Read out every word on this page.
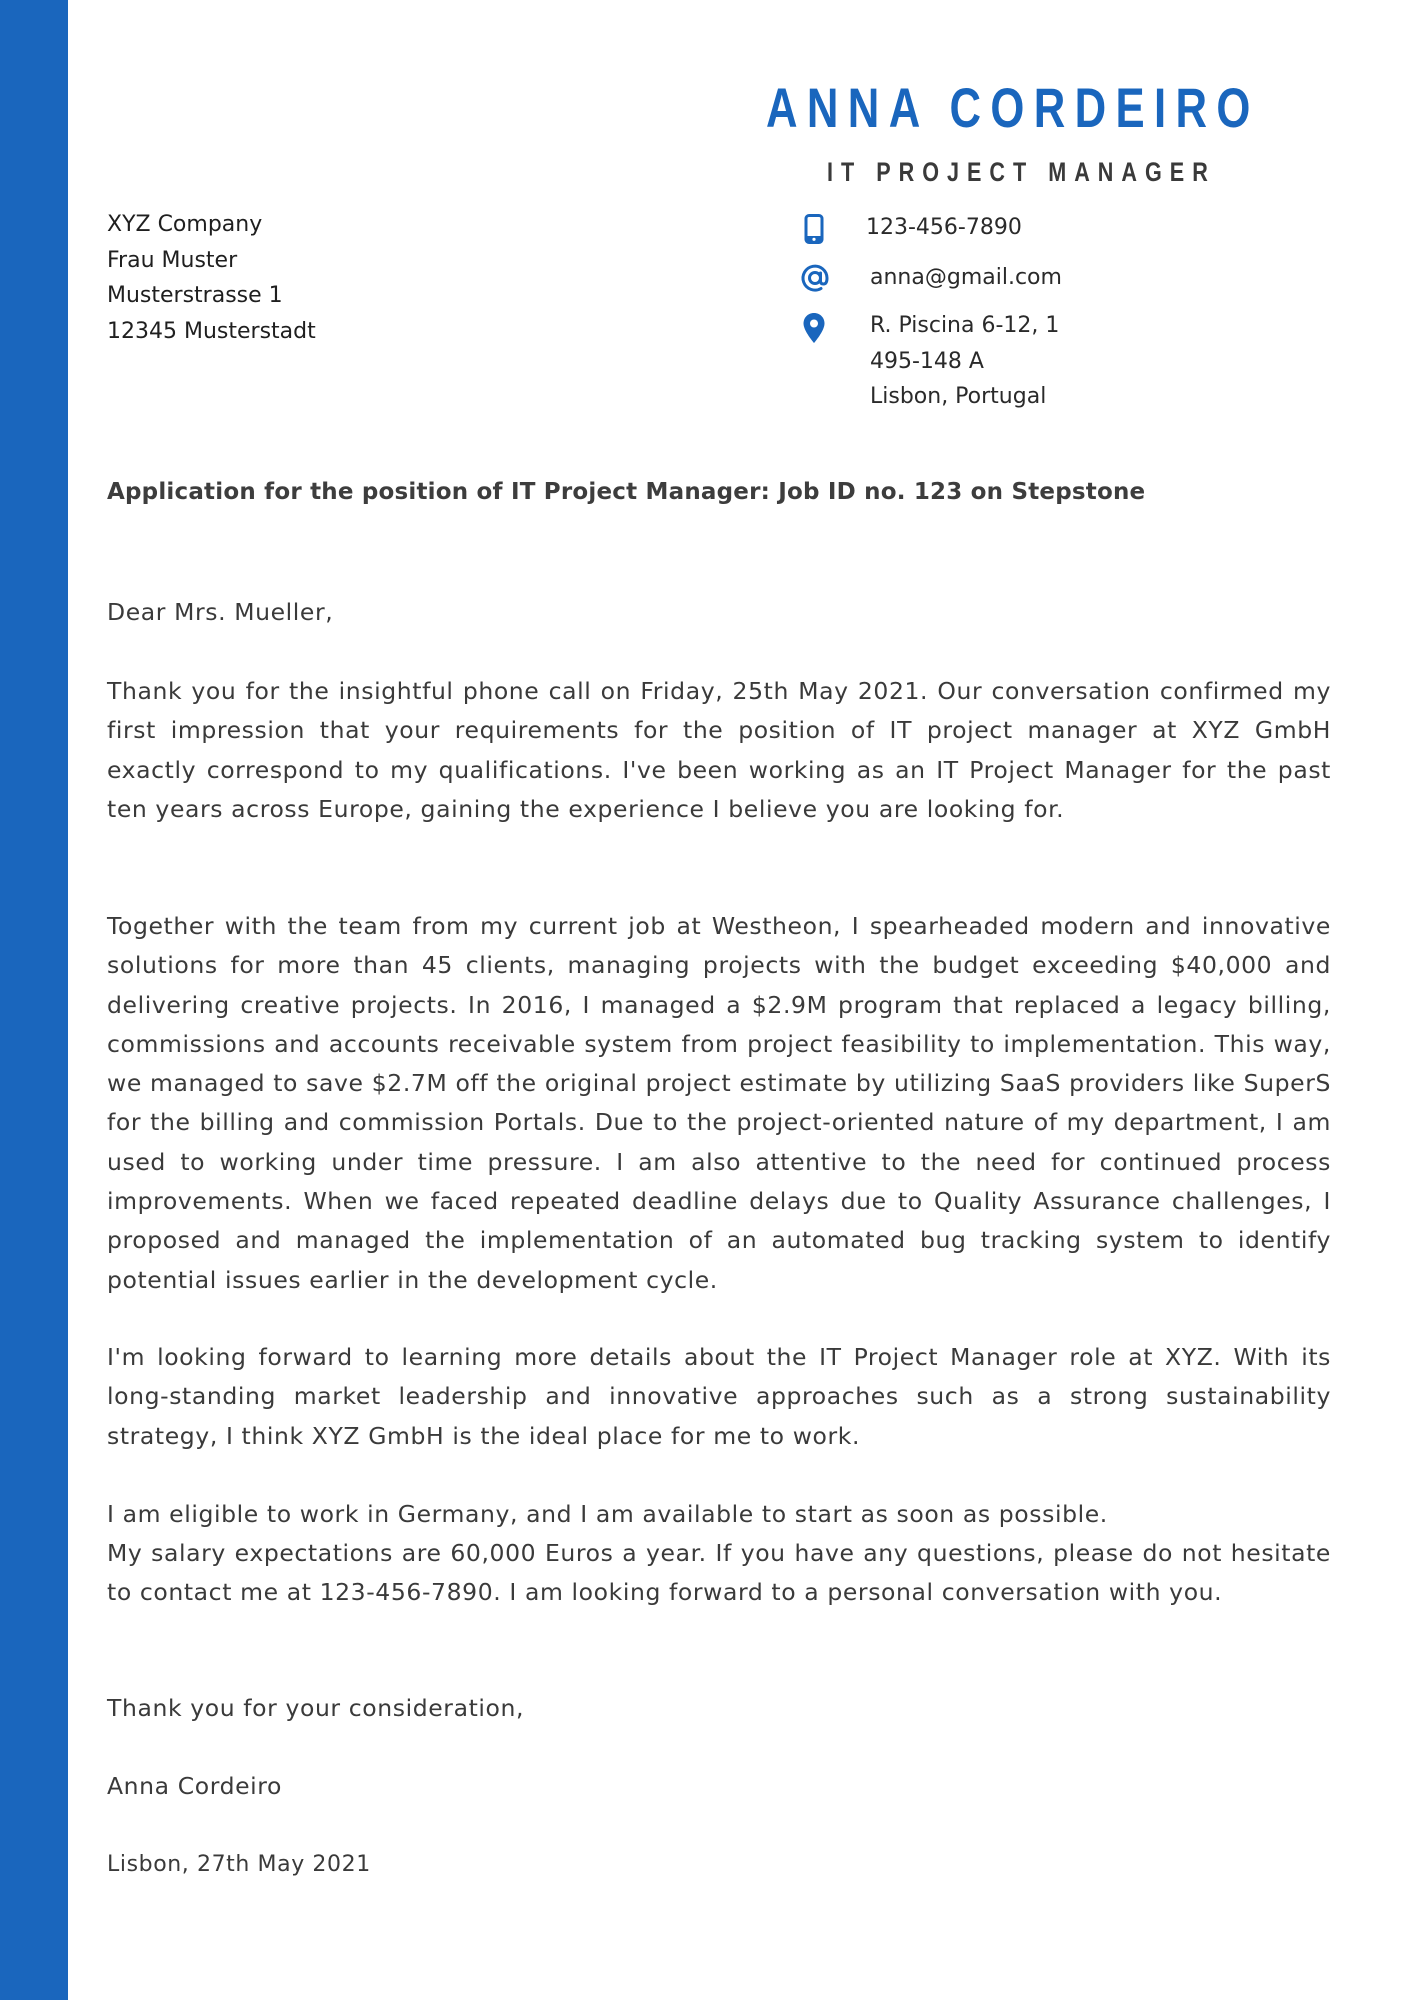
ANNA CORDEIRO
IT PROJECT MANAGER
XYZ Company
Frau Muster
Musterstrasse 1
12345 Musterstadt
123-456-7890
anna@gmail.com
R. Piscina 6-12, 1
495-148 A
Lisbon, Portugal
Application for the position of IT Project Manager: Job ID no. 123 on Stepstone
Dear Mrs. Mueller,
Thank you for the insightful phone call on Friday, 25th May 2021. Our conversation confirmed my first impression that your requirements for the position of IT project manager at XYZ GmbH exactly correspond to my qualifications. I've been working as an IT Project Manager for the past ten years across Europe, gaining the experience I believe you are looking for.
Together with the team from my current job at Westheon, I spearheaded modern and innovative solutions for more than 45 clients, managing projects with the budget exceeding $40,000 and delivering creative projects. In 2016, I managed a $2.9M program that replaced a legacy billing, commissions and accounts receivable system from project feasibility to implementation. This way, we managed to save $2.7M off the original project estimate by utilizing SaaS providers like SuperS for the billing and commission Portals. Due to the project-oriented nature of my department, I am used to working under time pressure. I am also attentive to the need for continued process improvements. When we faced repeated deadline delays due to Quality Assurance challenges, I proposed and managed the implementation of an automated bug tracking system to identify potential issues earlier in the development cycle.
I'm looking forward to learning more details about the IT Project Manager role at XYZ. With its long-standing market leadership and innovative approaches such as a strong sustainability strategy, I think XYZ GmbH is the ideal place for me to work.
I am eligible to work in Germany, and I am available to start as soon as possible.
My salary expectations are 60,000 Euros a year. If you have any questions, please do not hesitate to contact me at 123-456-7890. I am looking forward to a personal conversation with you.
Thank you for your consideration,
Anna Cordeiro
Lisbon, 27th May 2021
